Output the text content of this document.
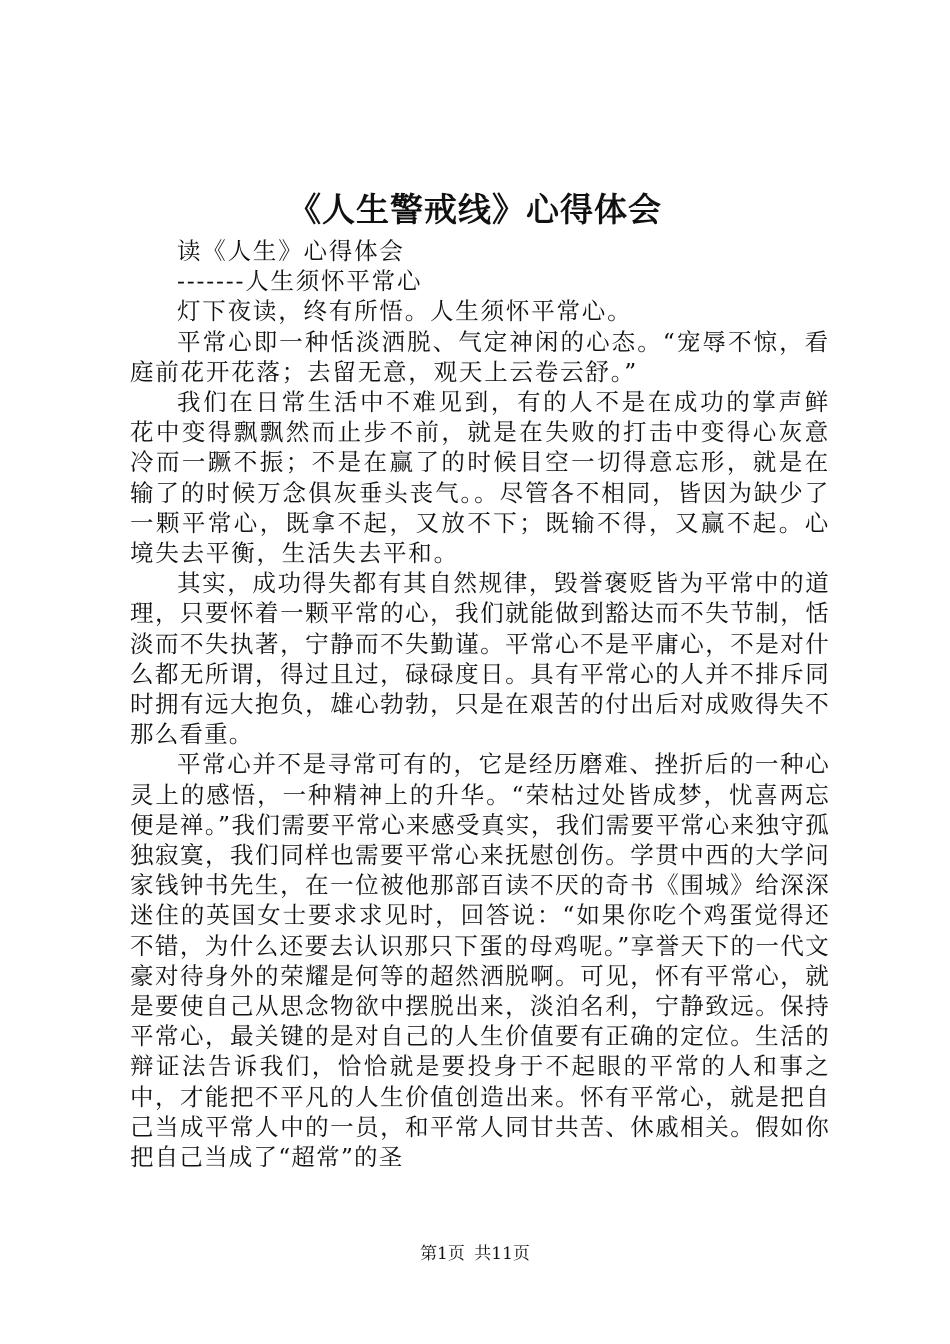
《人生警戒线》心得体会

读《人生》心得体会

-------人生须怀平常心

灯下夜读，终有所悟。人生须怀平常心。

平常心即一种恬淡洒脱、气定神闲的心态。“宠辱不惊，看庭前花开花落；去留无意，观天上云卷云舒。”

我们在日常生活中不难见到，有的人不是在成功的掌声鲜花中变得飘飘然而止步不前，就是在失败的打击中变得心灰意冷而一蹶不振；不是在赢了的时候目空一切得意忘形，就是在输了的时候万念俱灰垂头丧气。。尽管各不相同，皆因为缺少了一颗平常心，既拿不起，又放不下；既输不得，又赢不起。心境失去平衡，生活失去平和。

其实，成功得失都有其自然规律，毁誉褒贬皆为平常中的道理，只要怀着一颗平常的心，我们就能做到豁达而不失节制，恬淡而不失执著，宁静而不失勤谨。平常心不是平庸心，不是对什么都无所谓，得过且过，碌碌度日。具有平常心的人并不排斥同时拥有远大抱负，雄心勃勃，只是在艰苦的付出后对成败得失不那么看重。

平常心并不是寻常可有的，它是经历磨难、挫折后的一种心灵上的感悟，一种精神上的升华。“荣枯过处皆成梦，忧喜两忘便是禅。”我们需要平常心来感受真实，我们需要平常心来独守孤独寂寞，我们同样也需要平常心来抚慰创伤。学贯中西的大学问家钱钟书先生，在一位被他那部百读不厌的奇书《围城》给深深迷住的英国女士要求求见时，回答说：“如果你吃个鸡蛋觉得还不错，为什么还要去认识那只下蛋的母鸡呢。”享誉天下的一代文豪对待身外的荣耀是何等的超然洒脱啊。可见，怀有平常心，就是要使自己从思念物欲中摆脱出来，淡泊名利，宁静致远。保持平常心，最关键的是对自己的人生价值要有正确的定位。生活的辩证法告诉我们，恰恰就是要投身于不起眼的平常的人和事之中，才能把不平凡的人生价值创造出来。怀有平常心，就是把自己当成平常人中的一员，和平常人同甘共苦、休戚相关。假如你把自己当成了“超常”的圣

第1页 共11页
